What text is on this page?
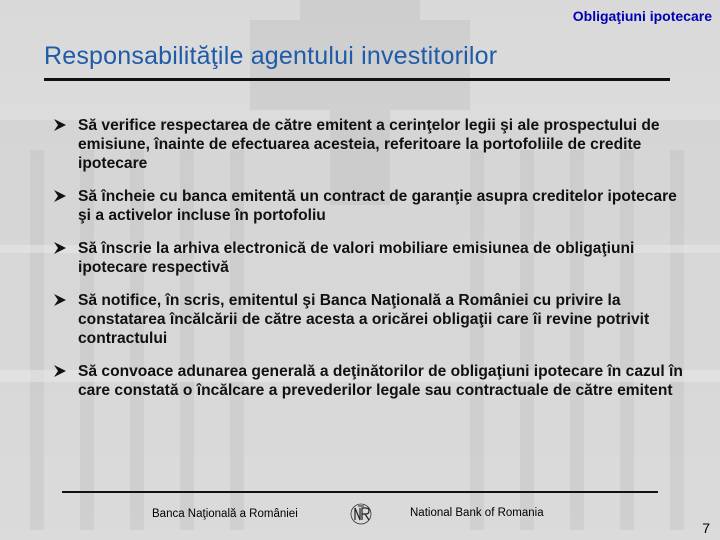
Obligaţiuni ipotecare
Responsabilităţile agentului investitorilor
Să verifice respectarea de către emitent a cerinţelor legii şi ale prospectului de emisiune, înainte de efectuarea acesteia, referitoare la portofoliile de credite ipotecare
Să încheie cu banca emitentă un contract de garanţie asupra creditelor ipotecare şi a activelor incluse în portofoliu
Să înscrie la arhiva electronică de valori mobiliare emisiunea de obligaţiuni ipotecare respectivă
Să notifice, în scris, emitentul şi Banca Naţională a României cu privire la constatarea încălcării de către acesta a oricărei obligaţii care îi revine potrivit contractului
Să convoace adunarea generală a deţinătorilor de obligaţiuni ipotecare în cazul în care constată o încălcare a prevederilor legale sau contractuale de către emitent
Banca Naţională a României	National Bank of Romania
7
